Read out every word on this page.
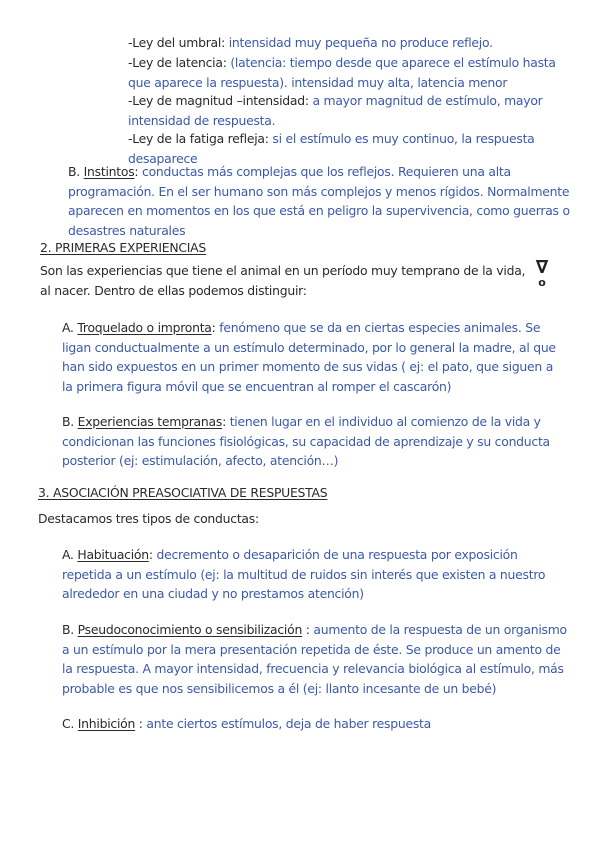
-Ley del umbral: intensidad muy pequeña no produce reflejo.
-Ley de latencia: (latencia: tiempo desde que aparece el estímulo hasta que aparece la respuesta). intensidad muy alta, latencia menor
-Ley de magnitud –intensidad: a mayor magnitud de estímulo, mayor intensidad de respuesta.
-Ley de la fatiga refleja: si el estímulo es muy continuo, la respuesta desaparece
B. Instintos: conductas más complejas que los reflejos. Requieren una alta programación. En el ser humano son más complejos y menos rígidos. Normalmente aparecen en momentos en los que está en peligro la supervivencia, como guerras o desastres naturales
2. PRIMERAS EXPERIENCIAS
Son las experiencias que tiene el animal en un período muy temprano de la vida, al nacer. Dentro de ellas podemos distinguir:
∇
o
A. Troquelado o impronta: fenómeno que se da en ciertas especies animales. Se ligan conductualmente a un estímulo determinado, por lo general la madre, al que han sido expuestos en un primer momento de sus vidas ( ej: el pato, que siguen a la primera figura móvil que se encuentran al romper el cascarón)
B. Experiencias tempranas: tienen lugar en el individuo al comienzo de la vida y condicionan las funciones fisiológicas, su capacidad de aprendizaje y su conducta posterior (ej: estimulación, afecto, atención…)
3. ASOCIACIÓN PREASOCIATIVA DE RESPUESTAS
Destacamos tres tipos de conductas:
A. Habituación: decremento o desaparición de una respuesta por exposición repetida a un estímulo (ej: la multitud de ruidos sin interés que existen a nuestro alrededor en una ciudad y no prestamos atención)
B. Pseudoconocimiento o sensibilización : aumento de la respuesta de un organismo a un estímulo por la mera presentación repetida de éste. Se produce un amento de la respuesta. A mayor intensidad, frecuencia y relevancia biológica al estímulo, más probable es que nos sensibilicemos a él (ej: llanto incesante de un bebé)
C. Inhibición : ante ciertos estímulos, deja de haber respuesta
